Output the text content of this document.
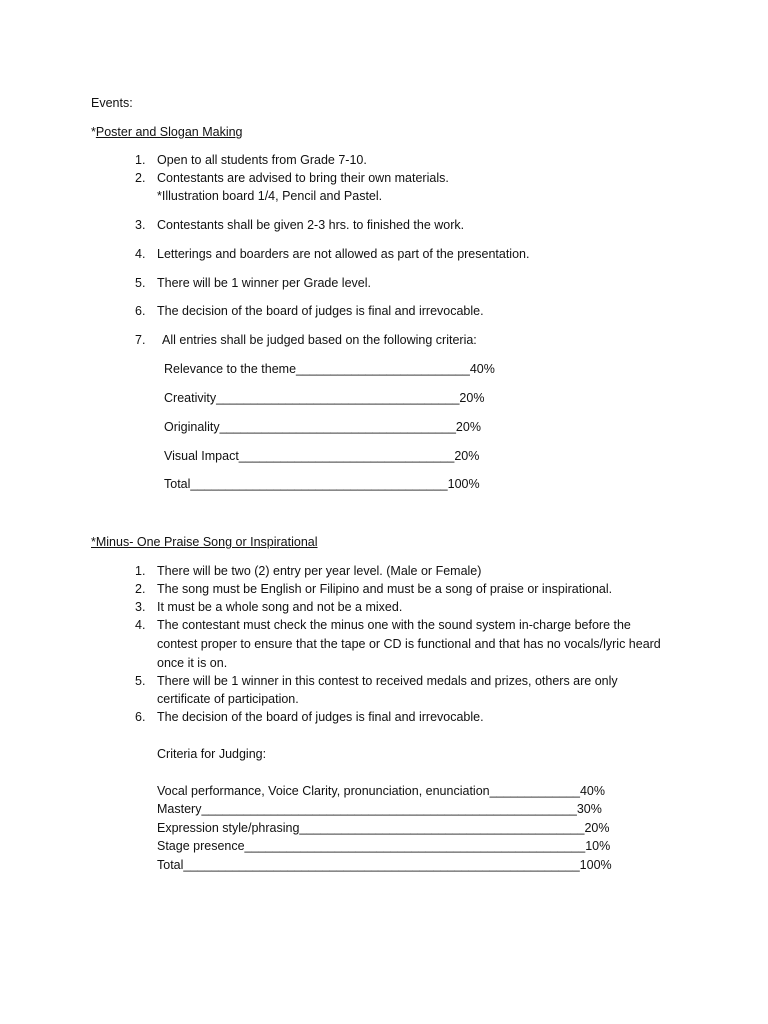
Events:
*Poster and Slogan Making
1. Open to all students from Grade 7-10.
2. Contestants are advised to bring their own materials.
*Illustration board 1/4, Pencil and Pastel.
3. Contestants shall be given 2-3 hrs. to finished the work.
4. Letterings and boarders are not allowed as part of the presentation.
5. There will be 1 winner per Grade level.
6. The decision of the board of judges is final and irrevocable.
7. All entries shall be judged based on the following criteria:
Relevance to the theme_________________________40%
Creativity___________________________________20%
Originality__________________________________20%
Visual Impact_______________________________20%
Total_____________________________________100%
*Minus- One Praise Song or Inspirational
1. There will be two (2) entry per year level. (Male or Female)
2. The song must be English or Filipino and must be a song of praise or inspirational.
3. It must be a whole song and not be a mixed.
4. The contestant must check the minus one with the sound system in-charge before the
contest proper to ensure that the tape or CD is functional and that has no vocals/lyric heard
once it is on.
5. There will be 1 winner in this contest to received medals and prizes, others are only
certificate of participation.
6. The decision of the board of judges is final and irrevocable.
Criteria for Judging:
Vocal performance, Voice Clarity, pronunciation, enunciation_____________40%
Mastery______________________________________________________30%
Expression style/phrasing_________________________________________20%
Stage presence_________________________________________________10%
Total_________________________________________________________100%
